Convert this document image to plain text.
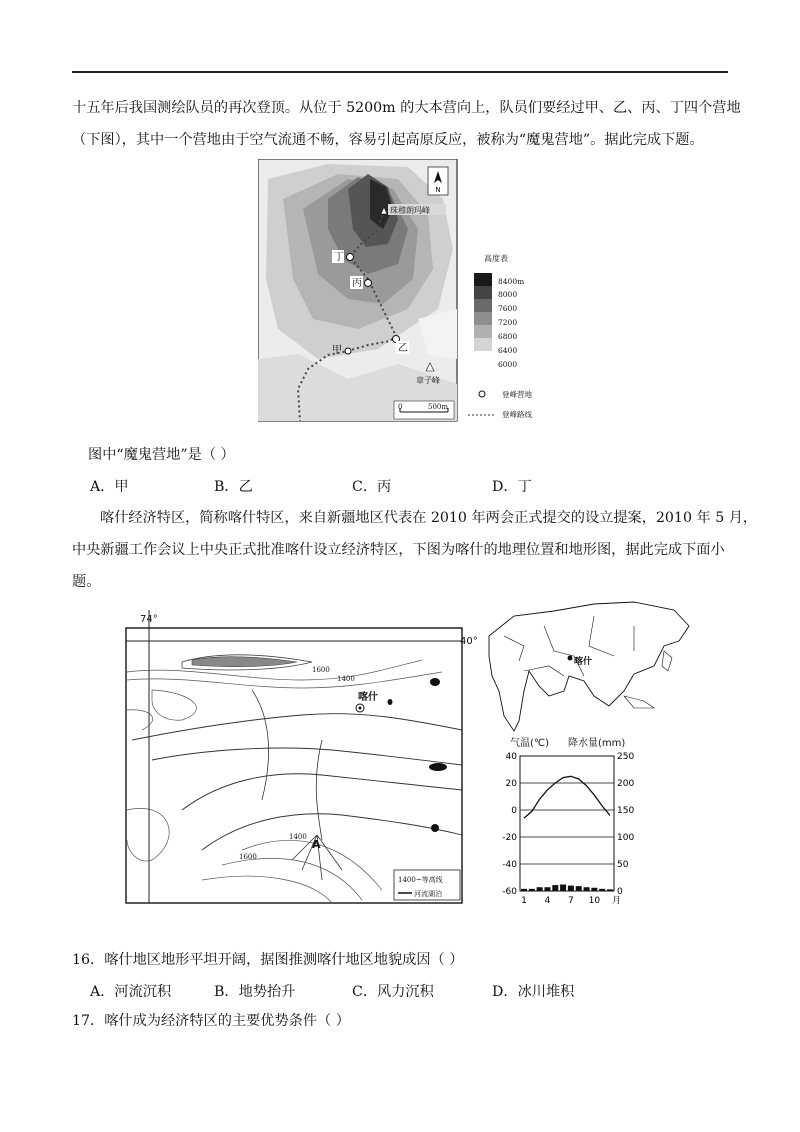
十五年后我国测绘队员的再次登顶。从位于 5200m 的大本营向上，队员们要经过甲、乙、丙、丁四个营地
（下图），其中一个营地由于空气流通不畅，容易引起高原反应，被称为“魔鬼营地”。据此完成下题。
N
珠穆朗玛峰
丁
丙
乙
甲
章子峰
0	500m
高度表
8400m
8000
7600
7200
6800
6400
6000
登峰营地
登峰路线
图中“魔鬼营地”是（ ）
A．甲	B．乙	C．丙	D．丁
喀什经济特区，简称喀什特区，来自新疆地区代表在 2010 年两会正式提交的设立提案，2010 年 5 月，
中央新疆工作会议上中央正式批准喀什设立经济特区，下图为喀什的地理位置和地形图，据此完成下面小
题。
74°
40°
1600
1400
喀什
1400
A
1600
1400~等高线
河流湖泊
喀什
气温(℃) 降水量(mm)
40
20
0
-20
-40
-60
250
200
150
100
50
0
1 4 7 10 月
16．喀什地区地形平坦开阔，据图推测喀什地区地貌成因（ ）
A．河流沉积	B．地势抬升	C．风力沉积	D．冰川堆积
17．喀什成为经济特区的主要优势条件（ ）
